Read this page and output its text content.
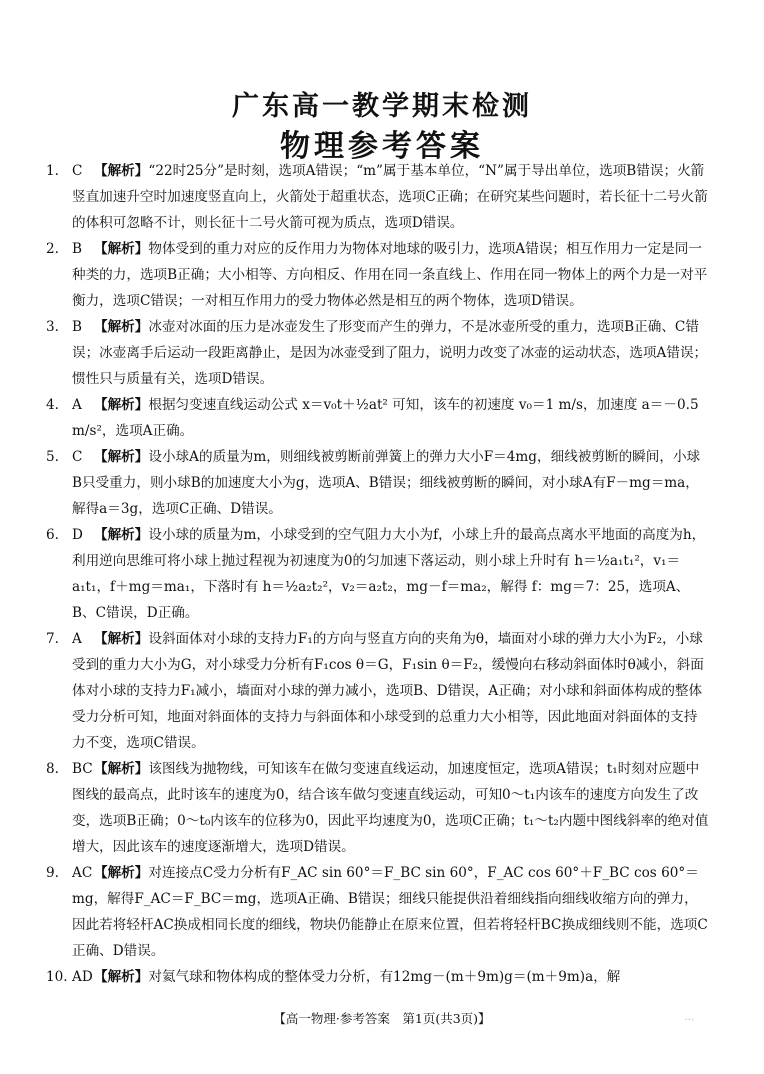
广东高一教学期末检测
物理参考答案
1. C 【解析】“22时25分”是时刻，选项A错误；“m”属于基本单位，“N”属于导出单位，选项B错误；火箭竖直加速升空时加速度竖直向上，火箭处于超重状态，选项C正确；在研究某些问题时，若长征十二号火箭的体积可忽略不计，则长征十二号火箭可视为质点，选项D错误。
2. B 【解析】物体受到的重力对应的反作用力为物体对地球的吸引力，选项A错误；相互作用力一定是同一种类的力，选项B正确；大小相等、方向相反、作用在同一条直线上、作用在同一物体上的两个力是一对平衡力，选项C错误；一对相互作用力的受力物体必然是相互的两个物体，选项D错误。
3. B 【解析】冰壶对冰面的压力是冰壶发生了形变而产生的弹力，不是冰壶所受的重力，选项B正确、C错误；冰壶离手后运动一段距离静止，是因为冰壶受到了阻力，说明力改变了冰壶的运动状态，选项A错误；惯性只与质量有关，选项D错误。
4. A 【解析】根据匀变速直线运动公式 x＝v₀t＋½at² 可知，该车的初速度 v₀＝1 m/s，加速度 a＝－0.5 m/s²，选项A正确。
5. C 【解析】设小球A的质量为m，则细线被剪断前弹簧上的弹力大小F＝4mg，细线被剪断的瞬间，小球B只受重力，则小球B的加速度大小为g，选项A、B错误；细线被剪断的瞬间，对小球A有F－mg＝ma，解得a＝3g，选项C正确、D错误。
6. D 【解析】设小球的质量为m，小球受到的空气阻力大小为f，小球上升的最高点离水平地面的高度为h，利用逆向思维可将小球上抛过程视为初速度为0的匀加速下落运动，则小球上升时有 h＝½a₁t₁²，v₁＝a₁t₁，f＋mg＝ma₁，下落时有 h＝½a₂t₂²，v₂＝a₂t₂，mg－f＝ma₂，解得 f：mg＝7：25，选项A、B、C错误，D正确。
7. A 【解析】设斜面体对小球的支持力F₁的方向与竖直方向的夹角为θ，墙面对小球的弹力大小为F₂，小球受到的重力大小为G，对小球受力分析有F₁cos θ＝G，F₁sin θ＝F₂，缓慢向右移动斜面体时θ减小，斜面体对小球的支持力F₁减小，墙面对小球的弹力减小，选项B、D错误，A正确；对小球和斜面体构成的整体受力分析可知，地面对斜面体的支持力与斜面体和小球受到的总重力大小相等，因此地面对斜面体的支持力不变，选项C错误。
8. BC【解析】该图线为抛物线，可知该车在做匀变速直线运动，加速度恒定，选项A错误；t₁时刻对应题中图线的最高点，此时该车的速度为0，结合该车做匀变速直线运动，可知0～t₁内该车的速度方向发生了改变，选项B正确；0～t₀内该车的位移为0，因此平均速度为0，选项C正确；t₁～t₂内题中图线斜率的绝对值增大，因此该车的速度逐渐增大，选项D错误。
9. AC 【解析】对连接点C受力分析有F_AC sin 60°＝F_BC sin 60°，F_AC cos 60°＋F_BC cos 60°＝mg，解得F_AC＝F_BC＝mg，选项A正确、B错误；细线只能提供沿着细线指向细线收缩方向的弹力，因此若将轻杆AC换成相同长度的细线，物块仍能静止在原来位置，但若将轻杆BC换成细线则不能，选项C正确、D错误。
10. AD【解析】对氦气球和物体构成的整体受力分析，有12mg－(m＋9m)g＝(m＋9m)a，解
【高一物理·参考答案　第1页(共3页)】	...
